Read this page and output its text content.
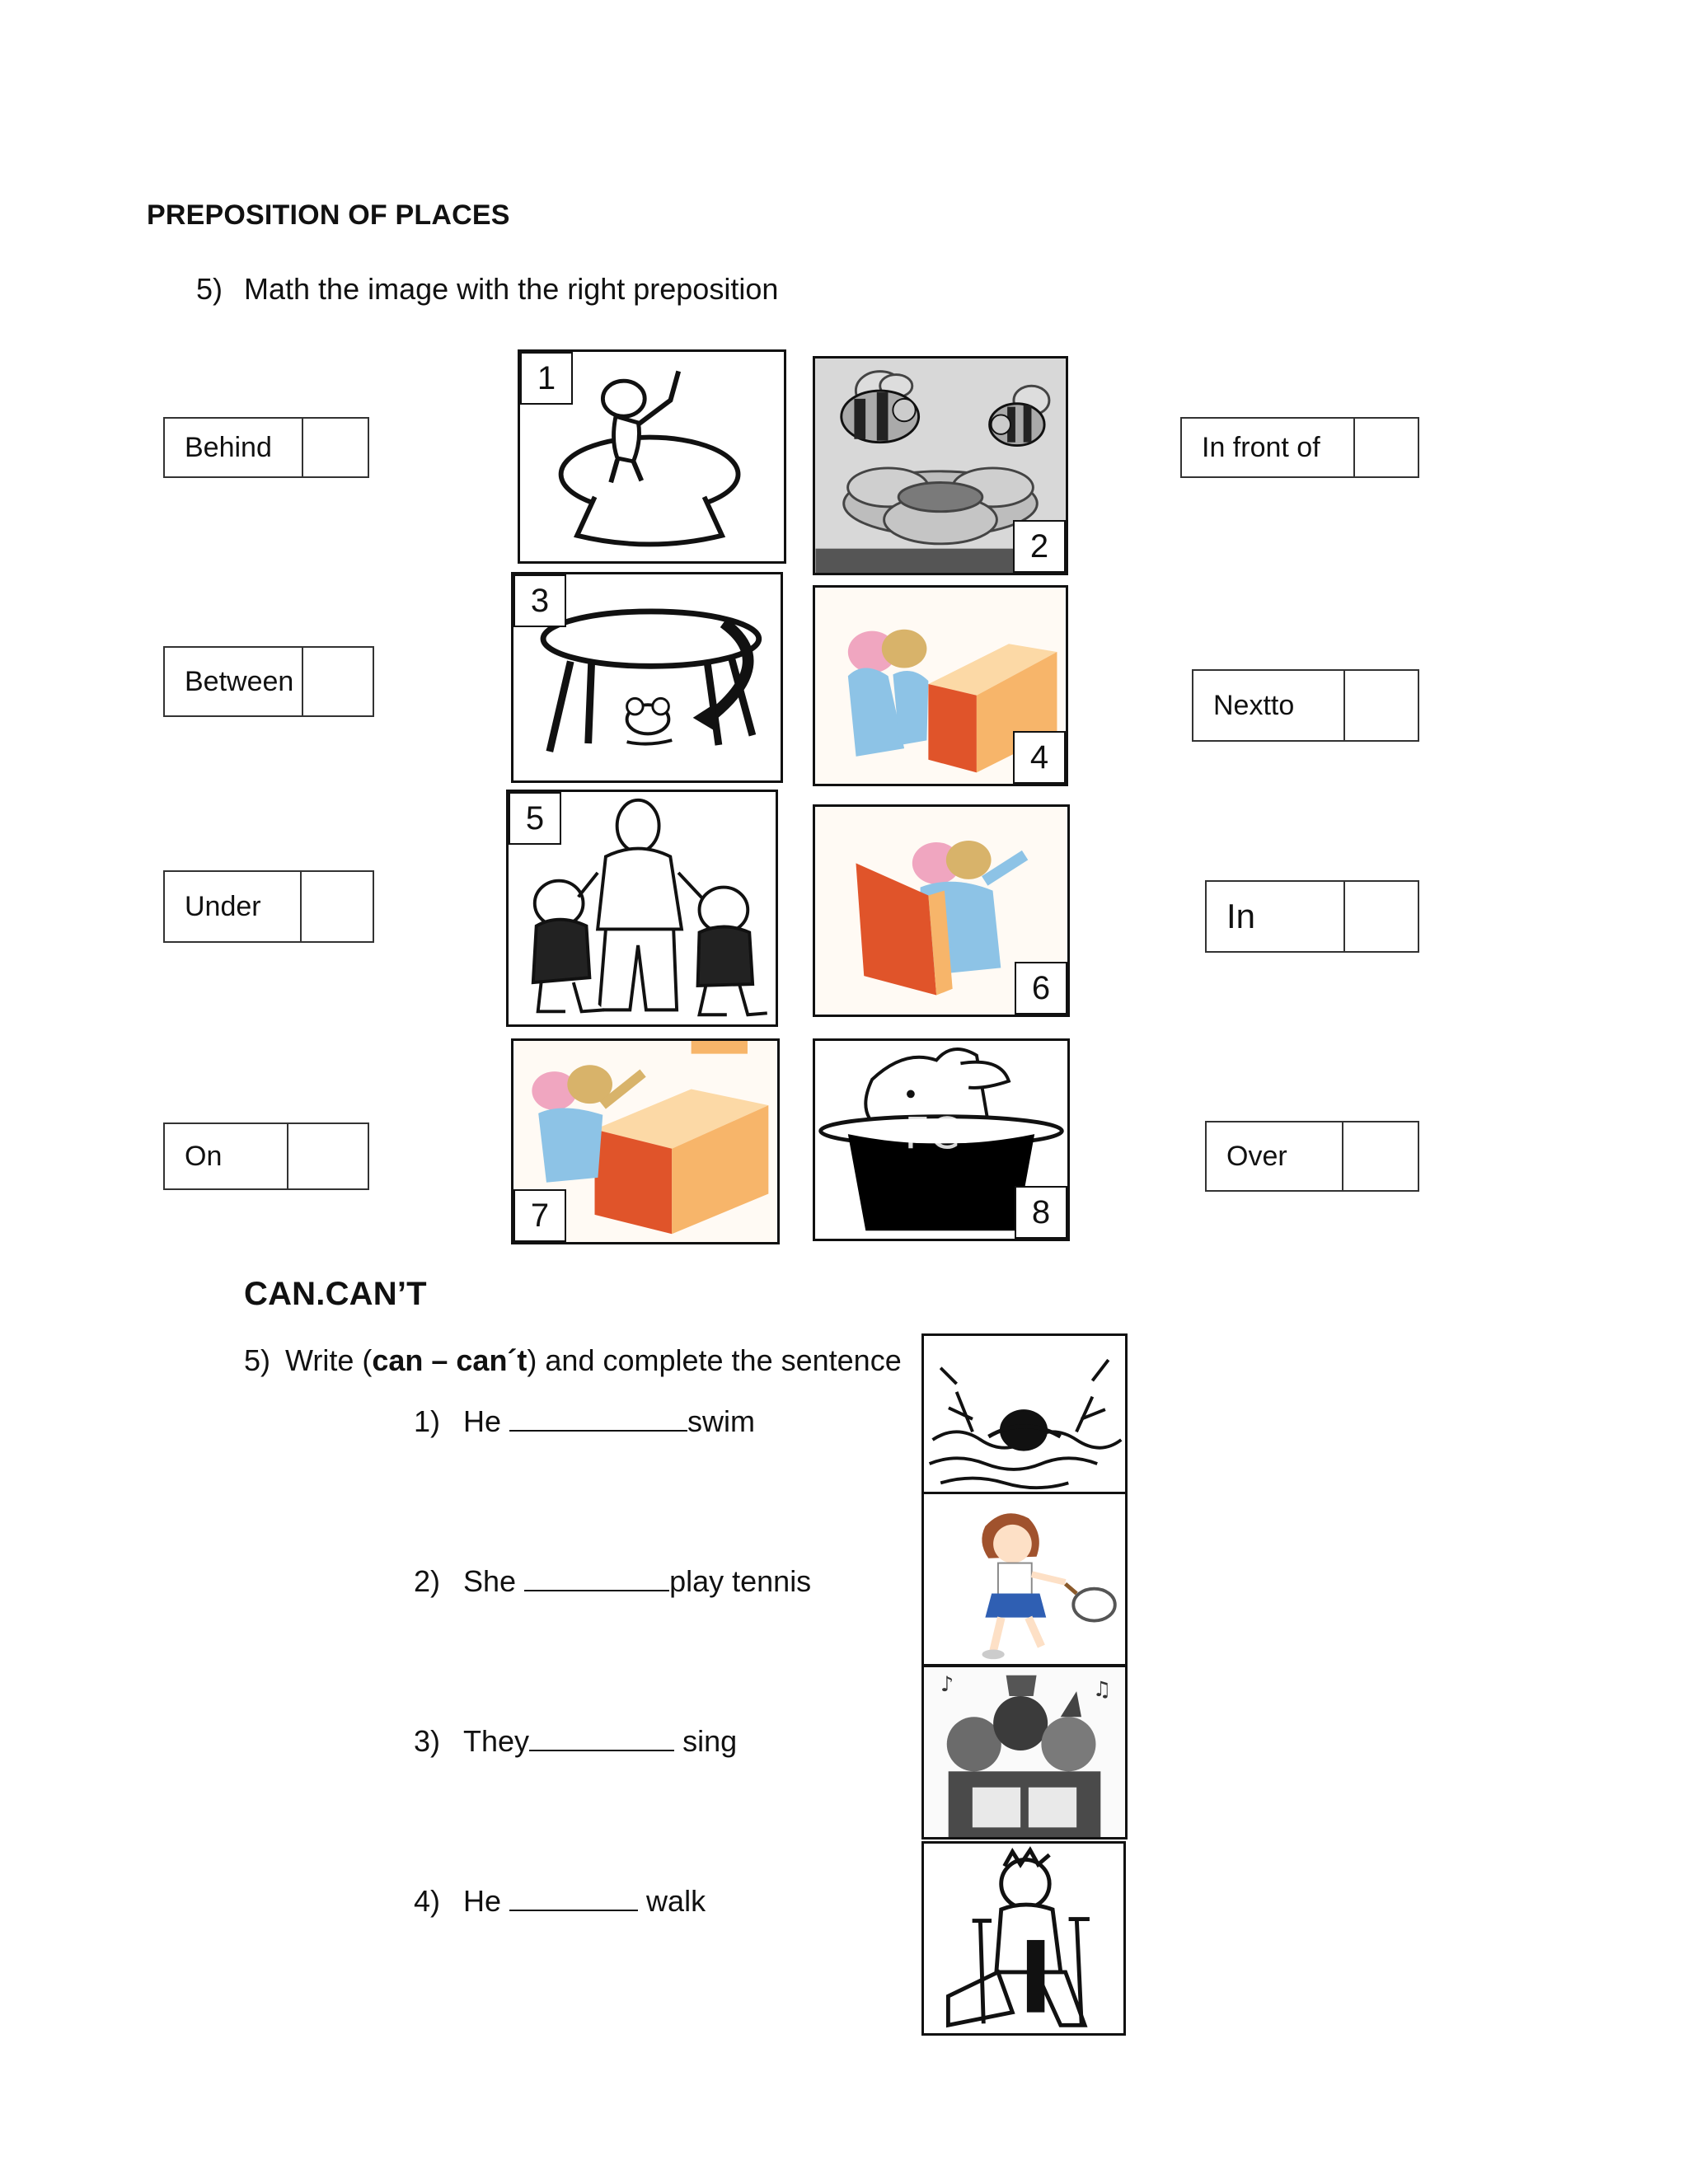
PREPOSITION OF PLACES
5) Math the image with the right preposition
Behind
Between
Under
On
In front of
Nextto
In
Over
1
2
3
4
5
6
7	8
FC
CAN.CAN’T
5) Write (can – can´t) and complete the sentence
1) He	swim
2) She	play tennis
3) They	sing
4) He	walk
♪	♫
